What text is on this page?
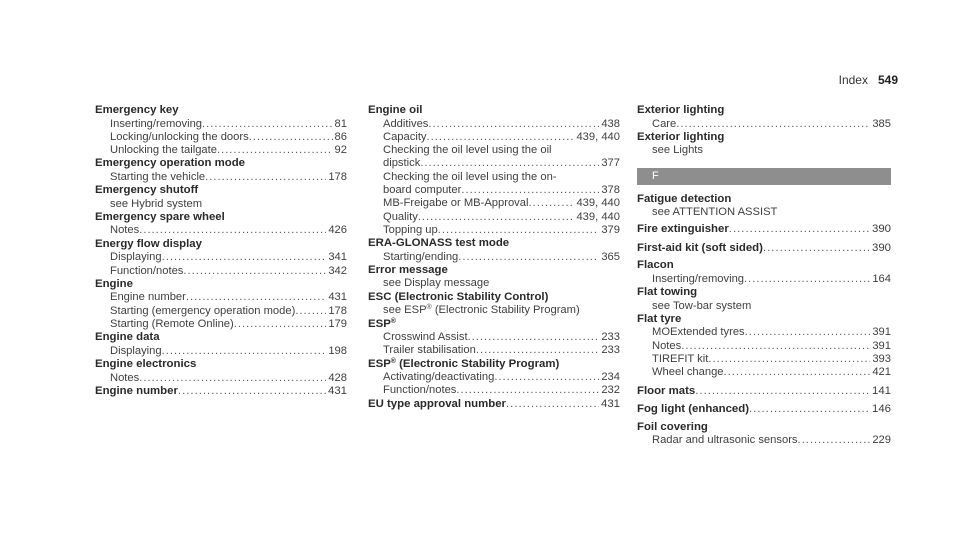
Index 549
Emergency key
Inserting/removing .....	81
Locking/unlocking the doors .....	86
Unlocking the tailgate .....	92
Emergency operation mode
Starting the vehicle .....	178
Emergency shutoff
see Hybrid system
Emergency spare wheel
Notes .....	426
Energy flow display
Displaying .....	341
Function/notes .....	342
Engine
Engine number .....	431
Starting (emergency operation mode) .....	178
Starting (Remote Online) .....	179
Engine data
Displaying .....	198
Engine electronics
Notes .....	428
Engine number .....	431
Engine oil
Additives .....	438
Capacity .....	439, 440
Checking the oil level using the oil
dipstick .....	377
Checking the oil level using the on-
board computer .....	378
MB-Freigabe or MB-Approval .....	439, 440
Quality .....	439, 440
Topping up .....	379
ERA-GLONASS test mode
Starting/ending .....	365
Error message
see Display message
ESC (Electronic Stability Control)
see ESP® (Electronic Stability Program)
ESP®
Crosswind Assist .....	233
Trailer stabilisation .....	233
ESP® (Electronic Stability Program)
Activating/deactivating .....	234
Function/notes .....	232
EU type approval number .....	431
Exterior lighting
Care .....	385
Exterior lighting
see Lights
F
Fatigue detection
see ATTENTION ASSIST
Fire extinguisher .....	390
First-aid kit (soft sided) .....	390
Flacon
Inserting/removing .....	164
Flat towing
see Tow-bar system
Flat tyre
MOExtended tyres .....	391
Notes .....	391
TIREFIT kit .....	393
Wheel change .....	421
Floor mats .....	141
Fog light (enhanced) .....	146
Foil covering
Radar and ultrasonic sensors .....	229
